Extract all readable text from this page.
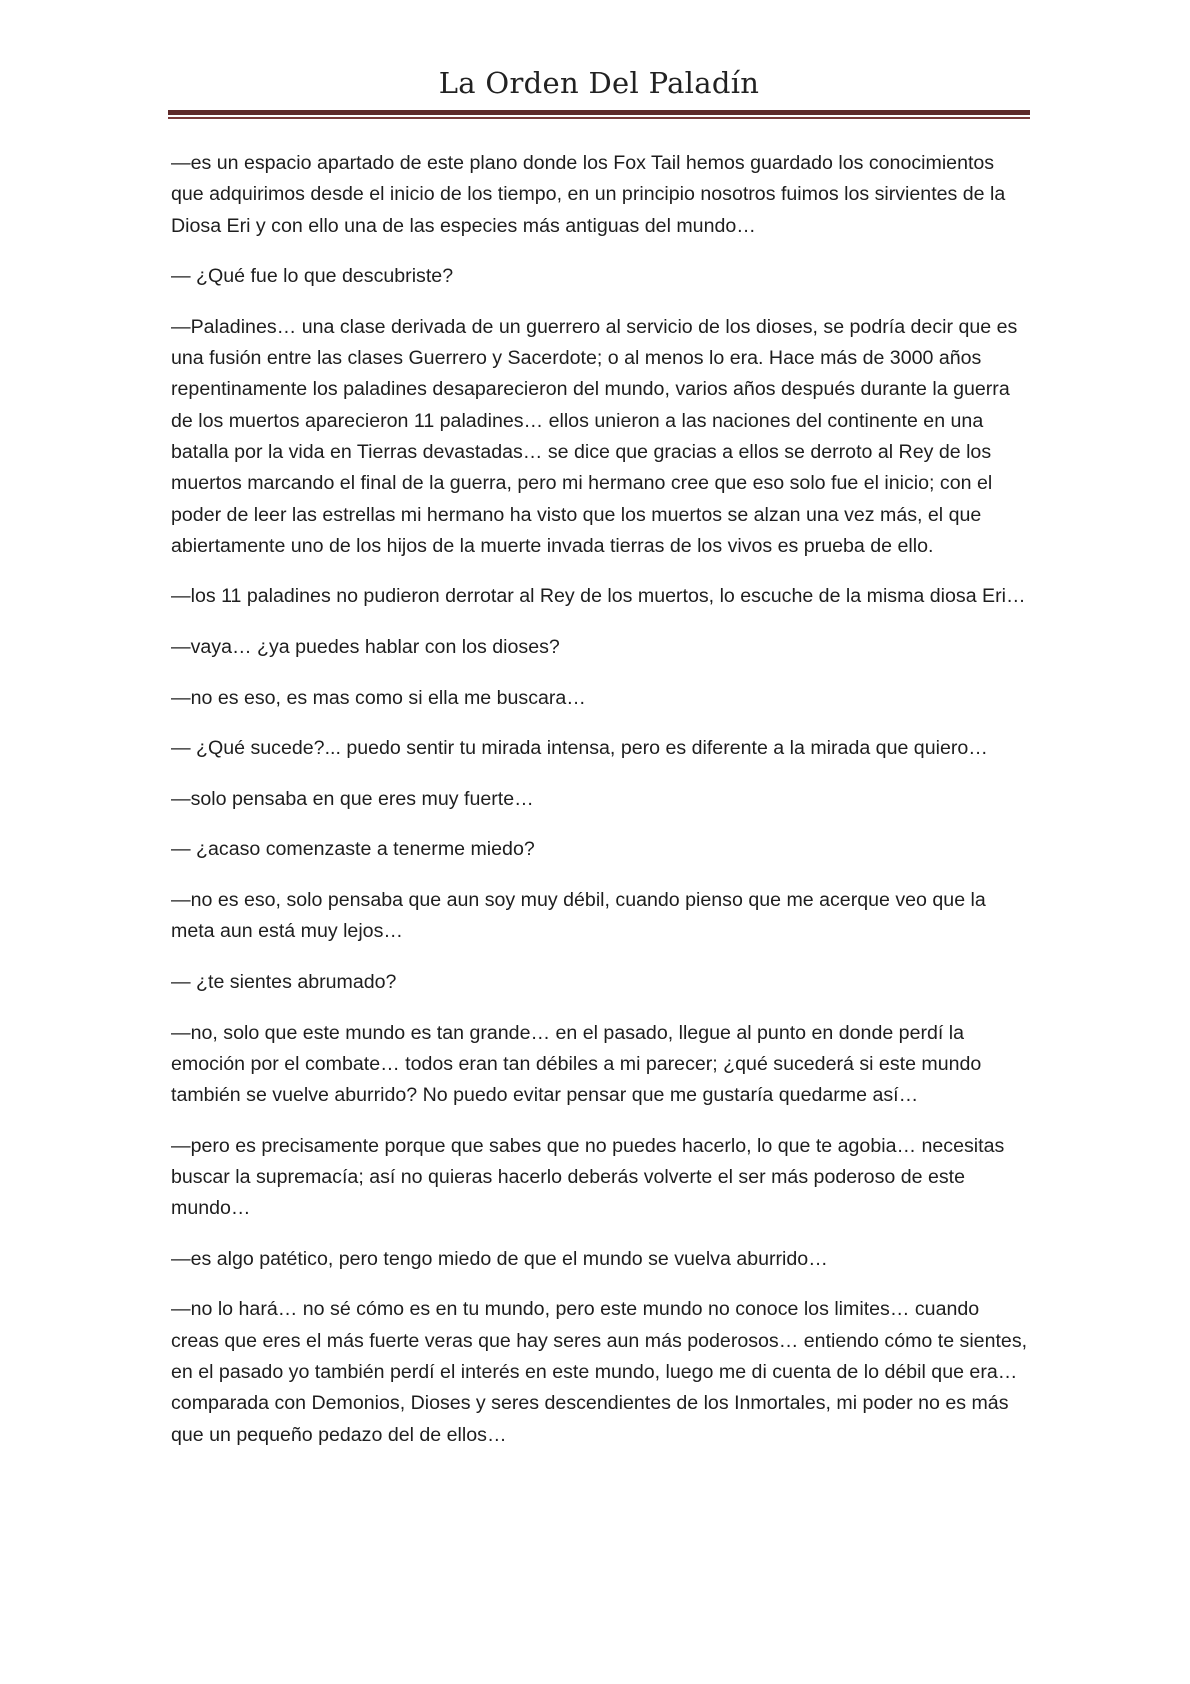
La Orden Del Paladín

—es un espacio apartado de este plano donde los Fox Tail hemos guardado los conocimientos que adquirimos desde el inicio de los tiempo, en un principio nosotros fuimos los sirvientes de la Diosa Eri y con ello una de las especies más antiguas del mundo…

— ¿Qué fue lo que descubriste?

—Paladines… una clase derivada de un guerrero al servicio de los dioses, se podría decir que es una fusión entre las clases Guerrero y Sacerdote; o al menos lo era. Hace más de 3000 años repentinamente los paladines desaparecieron del mundo, varios años después durante la guerra de los muertos aparecieron 11 paladines… ellos unieron a las naciones del continente en una batalla por la vida en Tierras devastadas… se dice que gracias a ellos se derroto al Rey de los muertos marcando el final de la guerra, pero mi hermano cree que eso solo fue el inicio; con el poder de leer las estrellas mi hermano ha visto que los muertos se alzan una vez más, el que abiertamente uno de los hijos de la muerte invada tierras de los vivos es prueba de ello.

—los 11 paladines no pudieron derrotar al Rey de los muertos, lo escuche de la misma diosa Eri…

—vaya… ¿ya puedes hablar con los dioses?

—no es eso, es mas como si ella me buscara…

— ¿Qué sucede?... puedo sentir tu mirada intensa, pero es diferente a la mirada que quiero…

—solo pensaba en que eres muy fuerte…

— ¿acaso comenzaste a tenerme miedo?

—no es eso, solo pensaba que aun soy muy débil, cuando pienso que me acerque veo que la meta aun está muy lejos…

— ¿te sientes abrumado?

—no, solo que este mundo es tan grande… en el pasado, llegue al punto en donde perdí la emoción por el combate… todos eran tan débiles a mi parecer; ¿qué sucederá si este mundo también se vuelve aburrido? No puedo evitar pensar que me gustaría quedarme así…

—pero es precisamente porque que sabes que no puedes hacerlo, lo que te agobia… necesitas buscar la supremacía; así no quieras hacerlo deberás volverte el ser más poderoso de este mundo…

—es algo patético, pero tengo miedo de que el mundo se vuelva aburrido…

—no lo hará… no sé cómo es en tu mundo, pero este mundo no conoce los limites… cuando creas que eres el más fuerte veras que hay seres aun más poderosos… entiendo cómo te sientes, en el pasado yo también perdí el interés en este mundo, luego me di cuenta de lo débil que era… comparada con Demonios, Dioses y seres descendientes de los Inmortales, mi poder no es más que un pequeño pedazo del de ellos…
